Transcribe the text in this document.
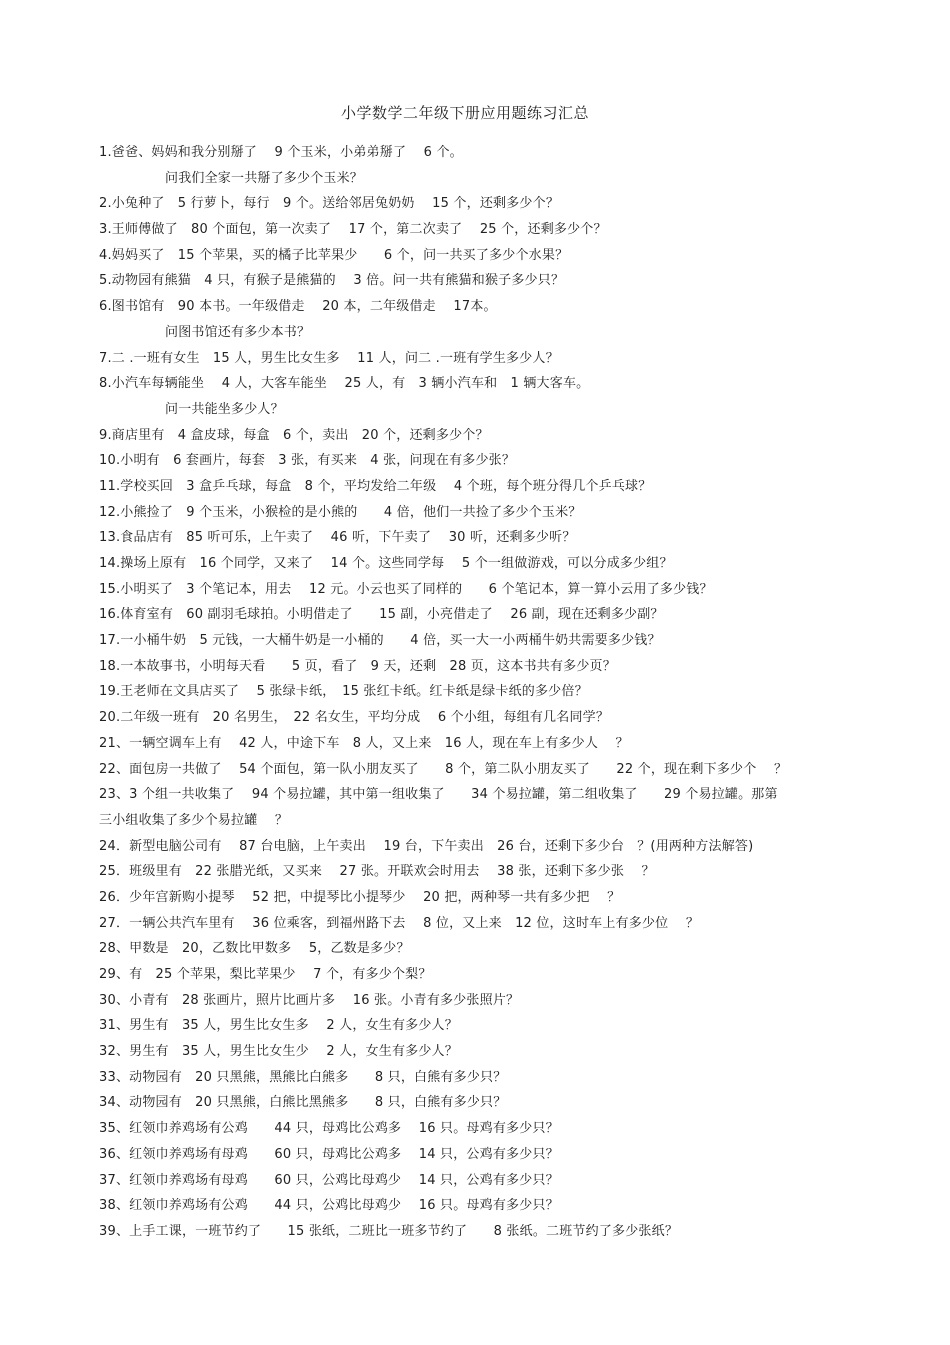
小学数学二年级下册应用题练习汇总
1.爸爸、妈妈和我分别掰了　 9 个玉米，小弟弟掰了　 6 个。
问我们全家一共掰了多少个玉米？
2.小兔种了　5 行萝卜，每行　9 个。送给邻居兔奶奶　 15 个，还剩多少个？
3.王师傅做了　80 个面包，第一次卖了　 17 个，第二次卖了　 25 个，还剩多少个？
4.妈妈买了　15 个苹果，买的橘子比苹果少　　6 个，问一共买了多少个水果？
5.动物园有熊猫　4 只，有猴子是熊猫的　 3 倍。问一共有熊猫和猴子多少只？
6.图书馆有　90 本书。一年级借走　 20 本，二年级借走　 17本。
问图书馆还有多少本书？
7.二 .一班有女生　15 人，男生比女生多　 11 人，问二 .一班有学生多少人？
8.小汽车每辆能坐　 4 人，大客车能坐　 25 人，有　3 辆小汽车和　1 辆大客车。
问一共能坐多少人？
9.商店里有　4 盒皮球，每盒　6 个，卖出　20 个，还剩多少个？
10.小明有　6 套画片，每套　3 张，有买来　4 张，问现在有多少张？
11.学校买回　3 盒乒乓球，每盒　8 个，平均发给二年级　 4 个班，每个班分得几个乒乓球？
12.小熊捡了　9 个玉米，小猴检的是小熊的　　4 倍，他们一共捡了多少个玉米？
13.食品店有　85 听可乐，上午卖了　 46 听，下午卖了　 30 听，还剩多少听？
14.操场上原有　16 个同学，又来了　 14 个。这些同学每　 5 个一组做游戏，可以分成多少组？
15.小明买了　3 个笔记本，用去　 12 元。小云也买了同样的　　6 个笔记本，算一算小云用了多少钱？
16.体育室有　60 副羽毛球拍。小明借走了　　15 副，小亮借走了　 26 副，现在还剩多少副？
17.一小桶牛奶　5 元钱，一大桶牛奶是一小桶的　　4 倍，买一大一小两桶牛奶共需要多少钱？
18.一本故事书，小明每天看　　5 页，看了　9 天，还剩　28 页，这本书共有多少页？
19.王老师在文具店买了　 5 张绿卡纸，　15 张红卡纸。红卡纸是绿卡纸的多少倍？
20.二年级一班有　20 名男生，　22 名女生，平均分成　 6 个小组，每组有几名同学？
21、一辆空调车上有　 42 人，中途下车　8 人，又上来　16 人，现在车上有多少人　 ？
22、面包房一共做了　 54 个面包，第一队小朋友买了　　8 个，第二队小朋友买了　　22 个，现在剩下多少个　 ？
23、3 个组一共收集了　 94 个易拉罐，其中第一组收集了　　34 个易拉罐，第二组收集了　　29 个易拉罐。那第
三小组收集了多少个易拉罐　 ？
24．新型电脑公司有　 87 台电脑，上午卖出　 19 台，下午卖出　26 台，还剩下多少台　？(用两种方法解答)
25．班级里有　22 张腊光纸，又买来　 27 张。开联欢会时用去　 38 张，还剩下多少张　 ？
26．少年宫新购小提琴　 52 把，中提琴比小提琴少　 20 把，两种琴一共有多少把　 ？
27．一辆公共汽车里有　 36 位乘客，到福州路下去　 8 位，又上来　12 位，这时车上有多少位　 ？
28、甲数是　20，乙数比甲数多　 5，乙数是多少？
29、有　25 个苹果，梨比苹果少　 7 个，有多少个梨？
30、小青有　28 张画片，照片比画片多　 16 张。小青有多少张照片？
31、男生有　35 人，男生比女生多　 2 人，女生有多少人？
32、男生有　35 人，男生比女生少　 2 人，女生有多少人？
33、动物园有　20 只黑熊，黑熊比白熊多　　8 只，白熊有多少只？
34、动物园有　20 只黑熊，白熊比黑熊多　　8 只，白熊有多少只？
35、红领巾养鸡场有公鸡　　44 只，母鸡比公鸡多　 16 只。母鸡有多少只？
36、红领巾养鸡场有母鸡　　60 只，母鸡比公鸡多　 14 只，公鸡有多少只？
37、红领巾养鸡场有母鸡　　60 只，公鸡比母鸡少　 14 只，公鸡有多少只？
38、红领巾养鸡场有公鸡　　44 只，公鸡比母鸡少　 16 只。母鸡有多少只？
39、上手工课，一班节约了　　15 张纸，二班比一班多节约了　　8 张纸。二班节约了多少张纸？
